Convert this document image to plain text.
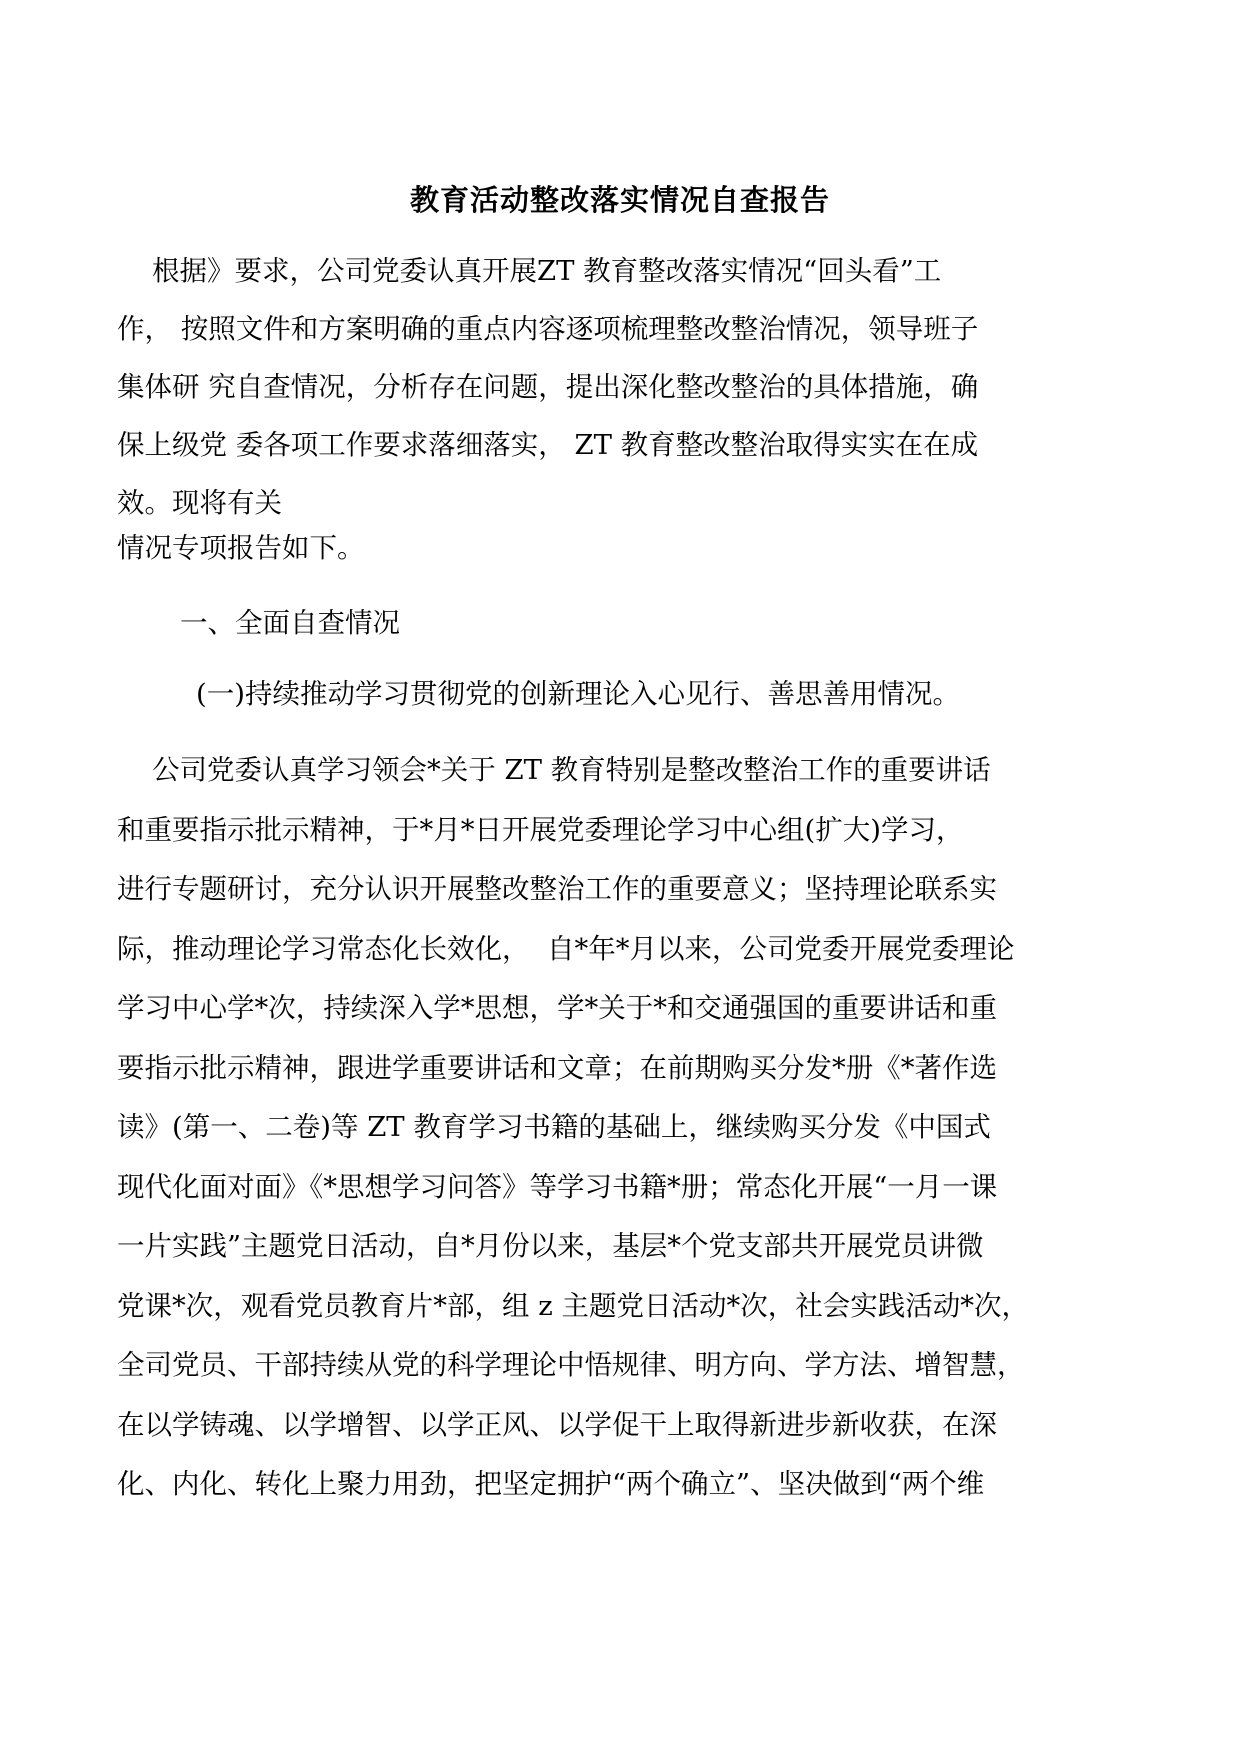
教育活动整改落实情况自查报告
根据》要求，公司党委认真开展ZT 教育整改落实情况“回头看”工
作， 按照文件和方案明确的重点内容逐项梳理整改整治情况，领导班子
集体研 究自查情况，分析存在问题，提出深化整改整治的具体措施，确
保上级党 委各项工作要求落细落实， ZT 教育整改整治取得实实在在成
效。现将有关
情况专项报告如下。
一、全面自查情况
(一)持续推动学习贯彻党的创新理论入心见行、善思善用情况。
公司党委认真学习领会*关于 ZT 教育特别是整改整治工作的重要讲话
和重要指示批示精神，于*月*日开展党委理论学习中心组(扩大)学习，
进行专题研讨，充分认识开展整改整治工作的重要意义；坚持理论联系实
际，推动理论学习常态化长效化，  自*年*月以来，公司党委开展党委理论
学习中心学*次，持续深入学*思想，学*关于*和交通强国的重要讲话和重
要指示批示精神，跟进学重要讲话和文章；在前期购买分发*册《*著作选
读》(第一、二卷)等 ZT 教育学习书籍的基础上，继续购买分发《中国式
现代化面对面》《*思想学习问答》等学习书籍*册；常态化开展“一月一课
一片实践”主题党日活动，自*月份以来，基层*个党支部共开展党员讲微
党课*次，观看党员教育片*部，组 z 主题党日活动*次，社会实践活动*次，
全司党员、干部持续从党的科学理论中悟规律、明方向、学方法、增智慧，
在以学铸魂、以学增智、以学正风、以学促干上取得新进步新收获，在深
化、内化、转化上聚力用劲，把坚定拥护“两个确立”、坚决做到“两个维
